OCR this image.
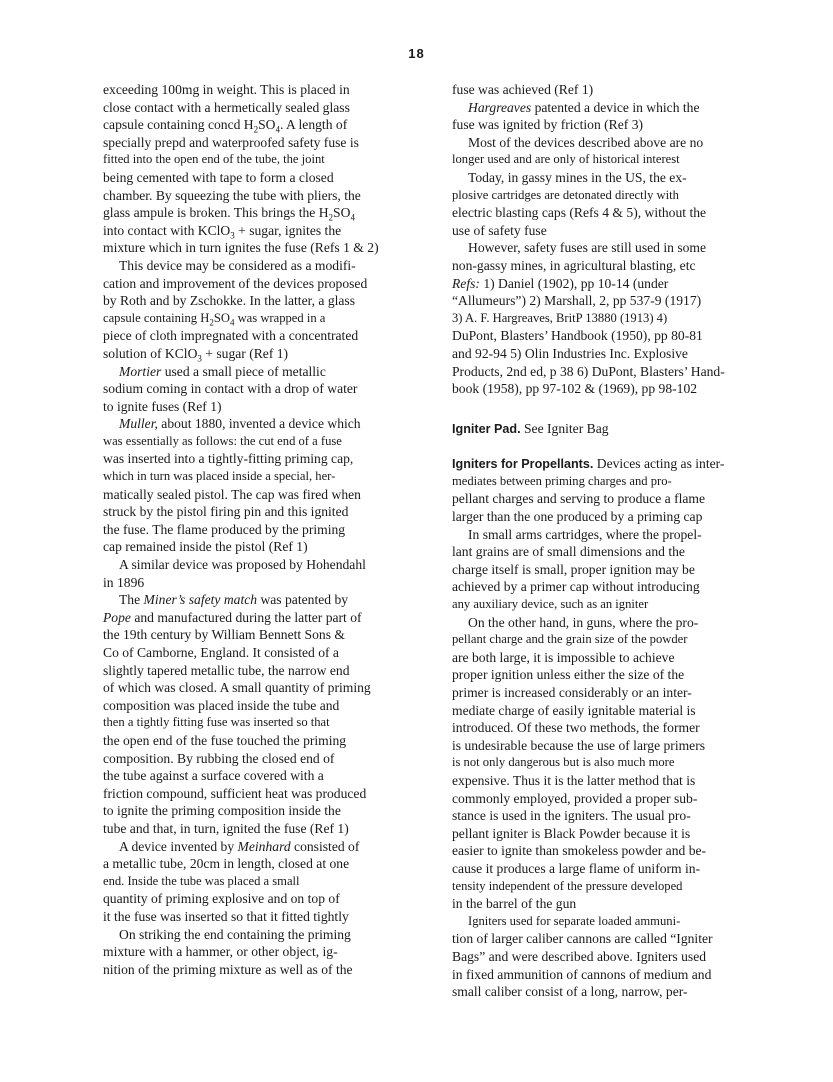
18
exceeding 100mg in weight. This is placed in
close contact with a hermetically sealed glass
capsule containing concd $H_2SO_4$. A length of
specially prepd and waterproofed safety fuse is
fitted into the open end of the tube, the joint
being cemented with tape to form a closed
chamber. By squeezing the tube with pliers, the
glass ampule is broken. This brings the $H_2SO_4$
into contact with KClO$_3$ + sugar, ignites the
mixture which in turn ignites the fuse (Refs 1 & 2)
This device may be considered as a modifi-
cation and improvement of the devices proposed
by Roth and by Zschokke. In the latter, a glass
capsule containing $H_2SO_4$ was wrapped in a
piece of cloth impregnated with a concentrated
solution of KClO$_3$ + sugar (Ref 1)
Mortier used a small piece of metallic
sodium coming in contact with a drop of water
to ignite fuses (Ref 1)
Muller, about 1880, invented a device which
was essentially as follows: the cut end of a fuse
was inserted into a tightly-fitting priming cap,
which in turn was placed inside a special, her-
matically sealed pistol. The cap was fired when
struck by the pistol firing pin and this ignited
the fuse. The flame produced by the priming
cap remained inside the pistol (Ref 1)
A similar device was proposed by Hohendahl
in 1896
The Miner’s safety match was patented by
Pope and manufactured during the latter part of
the 19th century by William Bennett Sons &
Co of Camborne, England. It consisted of a
slightly tapered metallic tube, the narrow end
of which was closed. A small quantity of priming
composition was placed inside the tube and
then a tightly fitting fuse was inserted so that
the open end of the fuse touched the priming
composition. By rubbing the closed end of
the tube against a surface covered with a
friction compound, sufficient heat was produced
to ignite the priming composition inside the
tube and that, in turn, ignited the fuse (Ref 1)
A device invented by Meinhard consisted of
a metallic tube, 20cm in length, closed at one
end. Inside the tube was placed a small
quantity of priming explosive and on top of
it the fuse was inserted so that it fitted tightly
On striking the end containing the priming
mixture with a hammer, or other object, ig-
nition of the priming mixture as well as of the
fuse was achieved (Ref 1)
Hargreaves patented a device in which the
fuse was ignited by friction (Ref 3)
Most of the devices described above are no
longer used and are only of historical interest
Today, in gassy mines in the US, the ex-
plosive cartridges are detonated directly with
electric blasting caps (Refs 4 & 5), without the
use of safety fuse
However, safety fuses are still used in some
non-gassy mines, in agricultural blasting, etc
Refs: 1) Daniel (1902), pp 10-14 (under
“Allumeurs”) 2) Marshall, 2, pp 537-9 (1917)
3) A. F. Hargreaves, BritP 13880 (1913) 4)
DuPont, Blasters’ Handbook (1950), pp 80-81
and 92-94 5) Olin Industries Inc. Explosive
Products, 2nd ed, p 38 6) DuPont, Blasters’ Hand-
book (1958), pp 97-102 & (1969), pp 98-102
Igniter Pad. See Igniter Bag
Igniters for Propellants. Devices acting as inter-
mediates between priming charges and pro-
pellant charges and serving to produce a flame
larger than the one produced by a priming cap
In small arms cartridges, where the propel-
lant grains are of small dimensions and the
charge itself is small, proper ignition may be
achieved by a primer cap without introducing
any auxiliary device, such as an igniter
On the other hand, in guns, where the pro-
pellant charge and the grain size of the powder
are both large, it is impossible to achieve
proper ignition unless either the size of the
primer is increased considerably or an inter-
mediate charge of easily ignitable material is
introduced. Of these two methods, the former
is undesirable because the use of large primers
is not only dangerous but is also much more
expensive. Thus it is the latter method that is
commonly employed, provided a proper sub-
stance is used in the igniters. The usual pro-
pellant igniter is Black Powder because it is
easier to ignite than smokeless powder and be-
cause it produces a large flame of uniform in-
tensity independent of the pressure developed
in the barrel of the gun
Igniters used for separate loaded ammuni-
tion of larger caliber cannons are called “Igniter
Bags” and were described above. Igniters used
in fixed ammunition of cannons of medium and
small caliber consist of a long, narrow, per-
